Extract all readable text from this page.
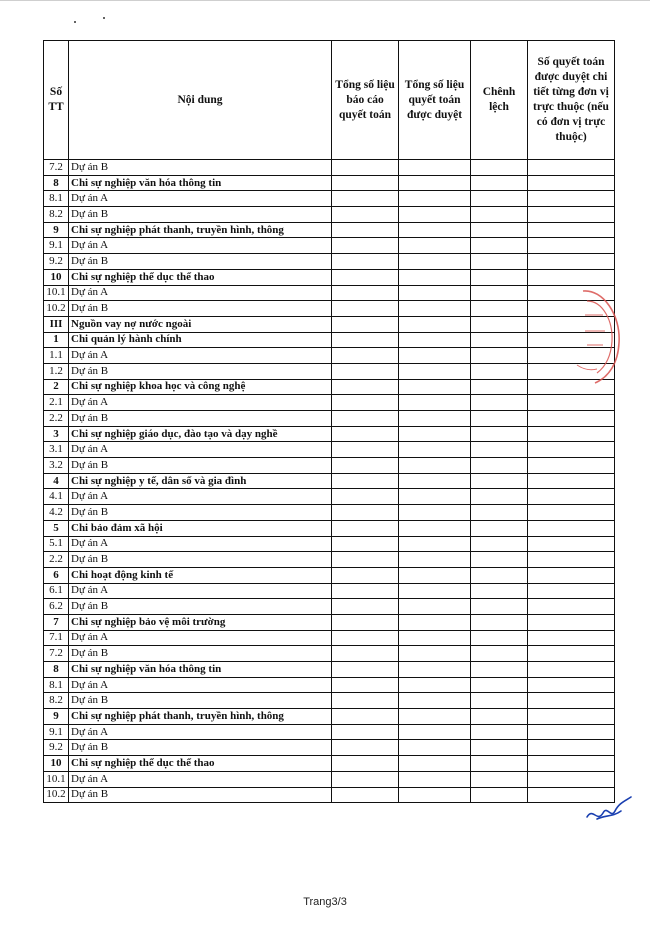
Số TT	Nội dung	Tổng số liệu báo cáo quyết toán	Tổng số liệu quyết toán được duyệt	Chênh lệch	Số quyết toán được duyệt chi tiết từng đơn vị trực thuộc (nếu có đơn vị trực thuộc)
7.2	Dự án B				
8	Chi sự nghiệp văn hóa thông tin				
8.1	Dự án A				
8.2	Dự án B				
9	Chi sự nghiệp phát thanh, truyền hình, thông				
9.1	Dự án A				
9.2	Dự án B				
10	Chi sự nghiệp thể dục thể thao				
10.1	Dự án A				
10.2	Dự án B				
III	Nguồn vay nợ nước ngoài				
1	Chi quản lý hành chính				
1.1	Dự án A				
1.2	Dự án B				
2	Chi sự nghiệp khoa học và công nghệ				
2.1	Dự án A				
2.2	Dự án B				
3	Chi sự nghiệp giáo dục, đào tạo và dạy nghề				
3.1	Dự án A				
3.2	Dự án B				
4	Chi sự nghiệp y tế, dân số và gia đình				
4.1	Dự án A				
4.2	Dự án B				
5	Chi bảo đảm xã hội				
5.1	Dự án A				
2.2	Dự án B				
6	Chi hoạt động kinh tế				
6.1	Dự án A				
6.2	Dự án B				
7	Chi sự nghiệp bảo vệ môi trường				
7.1	Dự án A				
7.2	Dự án B				
8	Chi sự nghiệp văn hóa thông tin				
8.1	Dự án A				
8.2	Dự án B				
9	Chi sự nghiệp phát thanh, truyền hình, thông				
9.1	Dự án A				
9.2	Dự án B				
10	Chi sự nghiệp thể dục thể thao				
10.1	Dự án A				
10.2	Dự án B				
Trang3/3
